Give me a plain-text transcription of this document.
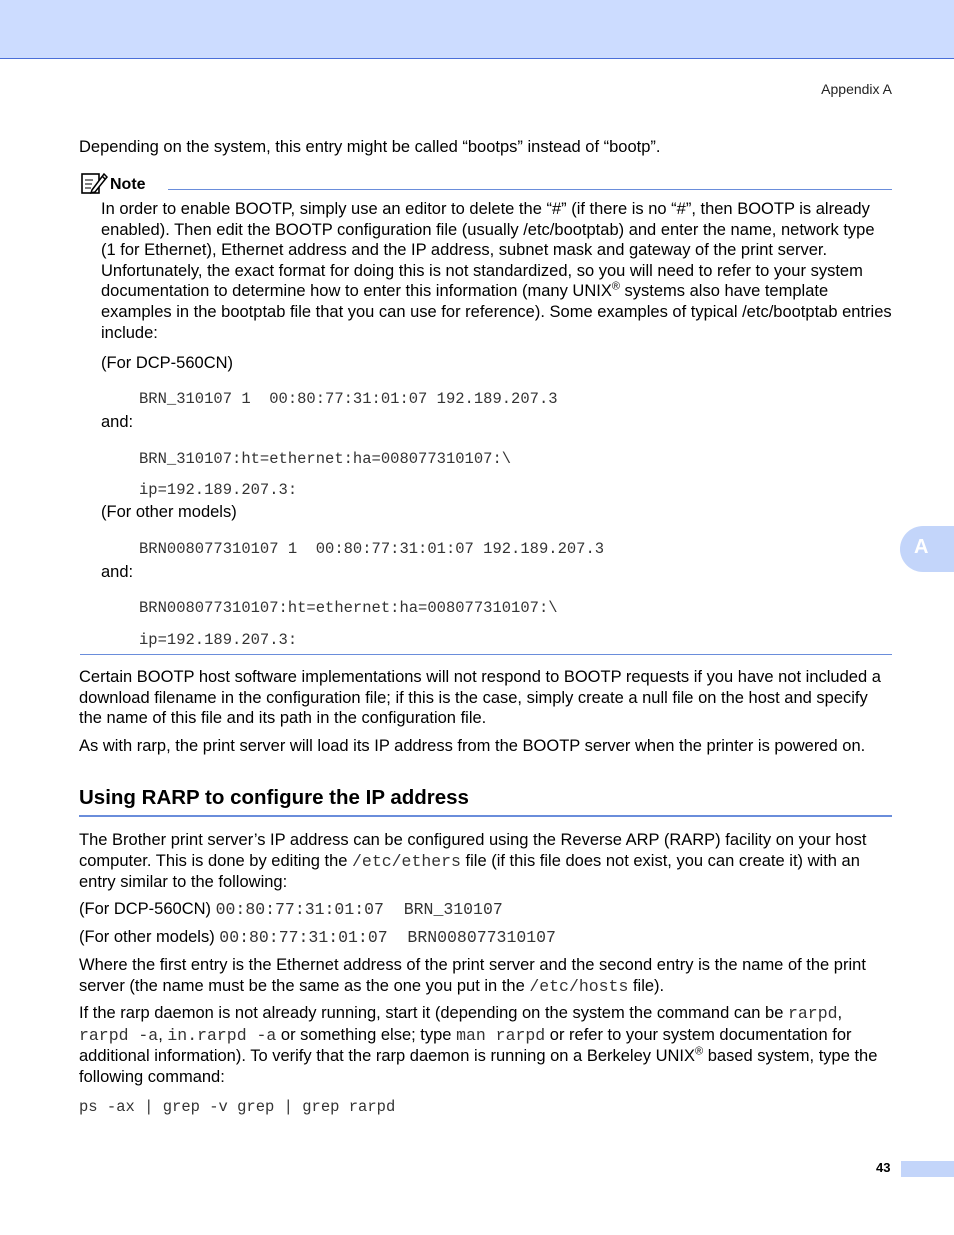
Appendix A
Depending on the system, this entry might be called “bootps” instead of “bootp”.
Note
In order to enable BOOTP, simply use an editor to delete the “#” (if there is no “#”, then BOOTP is already enabled). Then edit the BOOTP configuration file (usually /etc/bootptab) and enter the name, network type (1 for Ethernet), Ethernet address and the IP address, subnet mask and gateway of the print server. Unfortunately, the exact format for doing this is not standardized, so you will need to refer to your system documentation to determine how to enter this information (many UNIX® systems also have template examples in the bootptab file that you can use for reference). Some examples of typical /etc/bootptab entries include:
(For DCP-560CN)
BRN_310107 1  00:80:77:31:01:07 192.189.207.3
and:
BRN_310107:ht=ethernet:ha=008077310107:\
ip=192.189.207.3:
(For other models)
BRN008077310107 1  00:80:77:31:01:07 192.189.207.3
and:
BRN008077310107:ht=ethernet:ha=008077310107:\
ip=192.189.207.3:
Certain BOOTP host software implementations will not respond to BOOTP requests if you have not included a download filename in the configuration file; if this is the case, simply create a null file on the host and specify the name of this file and its path in the configuration file.
As with rarp, the print server will load its IP address from the BOOTP server when the printer is powered on.
Using RARP to configure the IP address
The Brother print server’s IP address can be configured using the Reverse ARP (RARP) facility on your host computer. This is done by editing the /etc/ethers file (if this file does not exist, you can create it) with an entry similar to the following:
(For DCP-560CN) 00:80:77:31:01:07  BRN_310107
(For other models) 00:80:77:31:01:07  BRN008077310107
Where the first entry is the Ethernet address of the print server and the second entry is the name of the print server (the name must be the same as the one you put in the /etc/hosts file).
If the rarp daemon is not already running, start it (depending on the system the command can be rarpd, rarpd -a, in.rarpd -a or something else; type man rarpd or refer to your system documentation for additional information). To verify that the rarp daemon is running on a Berkeley UNIX® based system, type the following command:
ps -ax | grep -v grep | grep rarpd
A
43
